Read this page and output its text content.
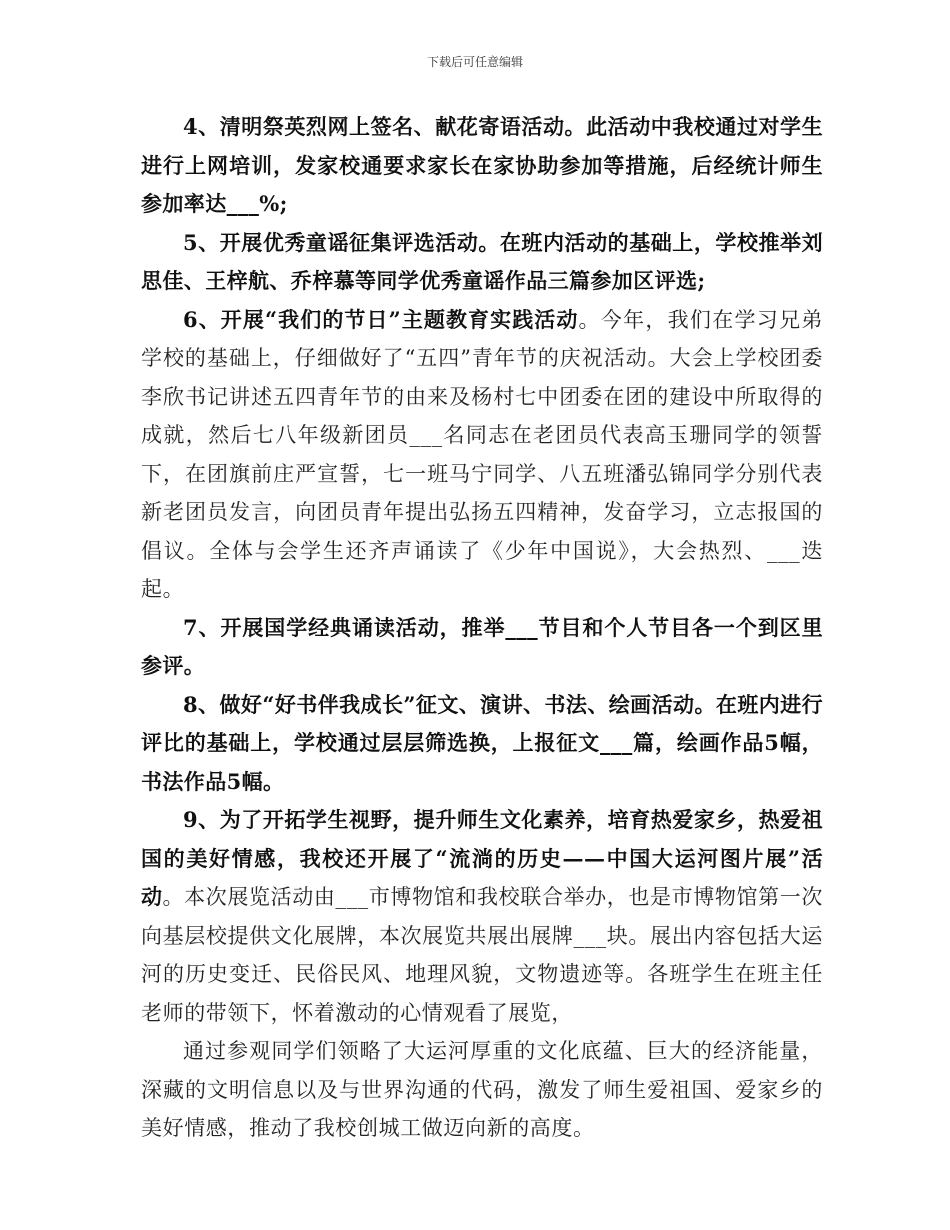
下载后可任意编辑

4、清明祭英烈网上签名、献花寄语活动。此活动中我校通过对学生进行上网培训，发家校通要求家长在家协助参加等措施，后经统计师生参加率达___%;

5、开展优秀童谣征集评选活动。在班内活动的基础上，学校推举刘思佳、王梓航、乔梓慕等同学优秀童谣作品三篇参加区评选;

6、开展“我们的节日”主题教育实践活动。今年，我们在学习兄弟学校的基础上，仔细做好了“五四”青年节的庆祝活动。大会上学校团委李欣书记讲述五四青年节的由来及杨村七中团委在团的建设中所取得的成就，然后七八年级新团员___名同志在老团员代表高玉珊同学的领誓下，在团旗前庄严宣誓，七一班马宁同学、八五班潘弘锦同学分别代表新老团员发言，向团员青年提出弘扬五四精神，发奋学习，立志报国的倡议。全体与会学生还齐声诵读了《少年中国说》，大会热烈、___迭起。

7、开展国学经典诵读活动，推举___节目和个人节目各一个到区里参评。

8、做好“好书伴我成长”征文、演讲、书法、绘画活动。在班内进行评比的基础上，学校通过层层筛选换，上报征文___篇，绘画作品5幅，书法作品5幅。

9、为了开拓学生视野，提升师生文化素养，培育热爱家乡，热爱祖国的美好情感，我校还开展了“流淌的历史——中国大运河图片展”活动。本次展览活动由___市博物馆和我校联合举办，也是市博物馆第一次向基层校提供文化展牌，本次展览共展出展牌___块。展出内容包括大运河的历史变迁、民俗民风、地理风貌，文物遗迹等。各班学生在班主任老师的带领下，怀着激动的心情观看了展览，

通过参观同学们领略了大运河厚重的文化底蕴、巨大的经济能量，深藏的文明信息以及与世界沟通的代码，激发了师生爱祖国、爱家乡的美好情感，推动了我校创城工做迈向新的高度。
